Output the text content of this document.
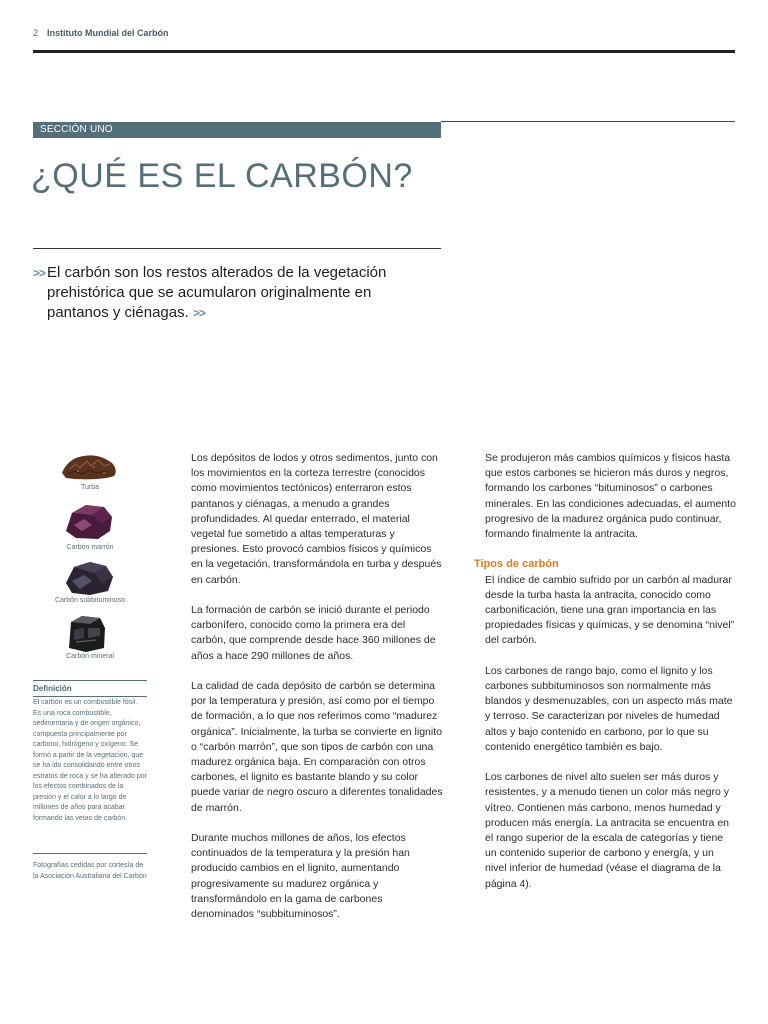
2 Instituto Mundial del Carbón
SECCIÓN UNO
¿QUÉ ES EL CARBÓN?
>> El carbón son los restos alterados de la vegetación prehistórica que se acumularon originalmente en pantanos y ciénagas. >>
Turba
Carbón marrón
Carbón subbituminoso
Carbón mineral
Definición
El carbón es un combustible fósil. Es una roca combustible, sedimentaria y de origen orgánico, compuesta principalmente por carbono, hidrógeno y oxígeno. Se formó a partir de la vegetación, que se ha ido consolidando entre otros estratos de roca y se ha alterado por los efectos combinados de la presión y el calor a lo largo de millones de años para acabar formando las vetas de carbón.
Fotografías cedidas por cortesía de la Asociación Australiana del Carbón

Los depósitos de lodos y otros sedimentos, junto con los movimientos en la corteza terrestre (conocidos como movimientos tectónicos) enterraron estos pantanos y ciénagas, a menudo a grandes profundidades. Al quedar enterrado, el material vegetal fue sometido a altas temperaturas y presiones. Esto provocó cambios físicos y químicos en la vegetación, transformándola en turba y después en carbón.

La formación de carbón se inició durante el periodo carbonífero, conocido como la primera era del carbón, que comprende desde hace 360 millones de años a hace 290 millones de años.

La calidad de cada depósito de carbón se determina por la temperatura y presión, así como por el tiempo de formación, a lo que nos referimos como “madurez orgánica”. Inicialmente, la turba se convierte en lignito o “carbón marrón”, que son tipos de carbón con una madurez orgánica baja. En comparación con otros carbones, el lignito es bastante blando y su color puede variar de negro oscuro a diferentes tonalidades de marrón.

Durante muchos millones de años, los efectos continuados de la temperatura y la presión han producido cambios en el lignito, aumentando progresivamente su madurez orgánica y transformándolo en la gama de carbones denominados “subbituminosos”.

Se produjeron más cambios químicos y físicos hasta que estos carbones se hicieron más duros y negros, formando los carbones “bituminosos” o carbones minerales. En las condiciones adecuadas, el aumento progresivo de la madurez orgánica pudo continuar, formando finalmente la antracita.

Tipos de carbón

El índice de cambio sufrido por un carbón al madurar desde la turba hasta la antracita, conocido como carbonificación, tiene una gran importancia en las propiedades físicas y químicas, y se denomina “nivel” del carbón.

Los carbones de rango bajo, como el lignito y los carbones subbituminosos son normalmente más blandos y desmenuzables, con un aspecto más mate y terroso. Se caracterizan por niveles de humedad altos y bajo contenido en carbono, por lo que su contenido energético también es bajo.

Los carbones de nivel alto suelen ser más duros y resistentes, y a menudo tienen un color más negro y vítreo. Contienen más carbono, menos humedad y producen más energía. La antracita se encuentra en el rango superior de la escala de categorías y tiene un contenido superior de carbono y energía, y un nivel inferior de humedad (véase el diagrama de la página 4).
